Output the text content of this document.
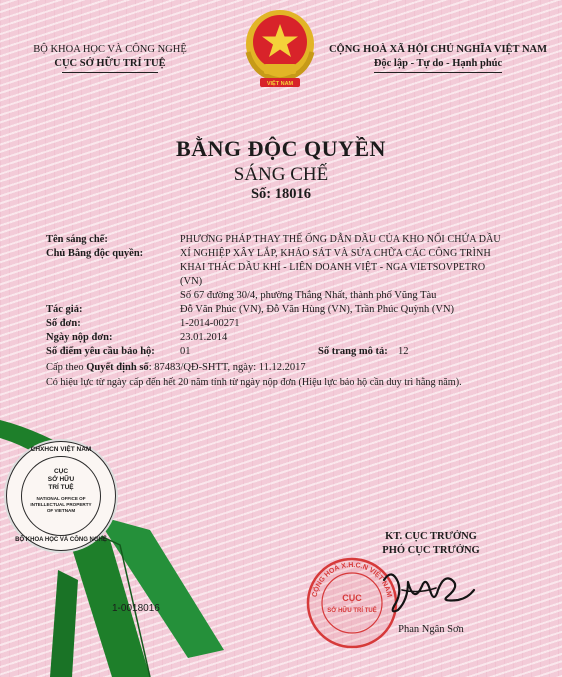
VIỆT NAM
BỘ KHOA HỌC VÀ CÔNG NGHỆ
CỤC SỞ HỮU TRÍ TUỆ
CỘNG HOÀ XÃ HỘI CHỦ NGHĨA VIỆT NAM
Độc lập - Tự do - Hạnh phúc
BẰNG ĐỘC QUYỀN
SÁNG CHẾ
Số: 18016
Tên sáng chế:	PHƯƠNG PHÁP THAY THẾ ỐNG DẪN DẦU CỦA KHO NỔI CHỨA DẦU
Chủ Bằng độc quyền:	XÍ NGHIỆP XÂY LẮP, KHẢO SÁT VÀ SỬA CHỮA CÁC CÔNG TRÌNH
KHAI THÁC DẦU KHÍ - LIÊN DOANH VIỆT - NGA VIETSOVPETRO
(VN)
Số 67 đường 30/4, phường Thắng Nhất, thành phố Vũng Tàu
Tác giả:	Đỗ Văn Phúc (VN), Đỗ Văn Hùng (VN), Trần Phúc Quỳnh (VN)
Số đơn:	1-2014-00271
Ngày nộp đơn:	23.01.2014
Số điểm yêu cầu bảo hộ: 01	Số trang mô tả: 12
Cấp theo Quyết định số: 87483/QĐ-SHTT, ngày: 11.12.2017
Có hiệu lực từ ngày cấp đến hết 20 năm tính từ ngày nộp đơn (Hiệu lực bảo hộ cần duy trì hằng năm).
CHXHCN VIỆT NAM
BỘ KHOA HỌC VÀ CÔNG NGHỆ
CỤC
SỞ HỮU
TRÍ TUỆ
NATIONAL OFFICE OF
INTELLECTUAL PROPERTY
OF VIETNAM
1-0018016
KT. CỤC TRƯỞNG
PHÓ CỤC TRƯỞNG
CỘNG HOÀ X.H.C.N VIỆT NAM
CỤC
SỞ HỮU TRÍ TUỆ
Phan Ngân Sơn
